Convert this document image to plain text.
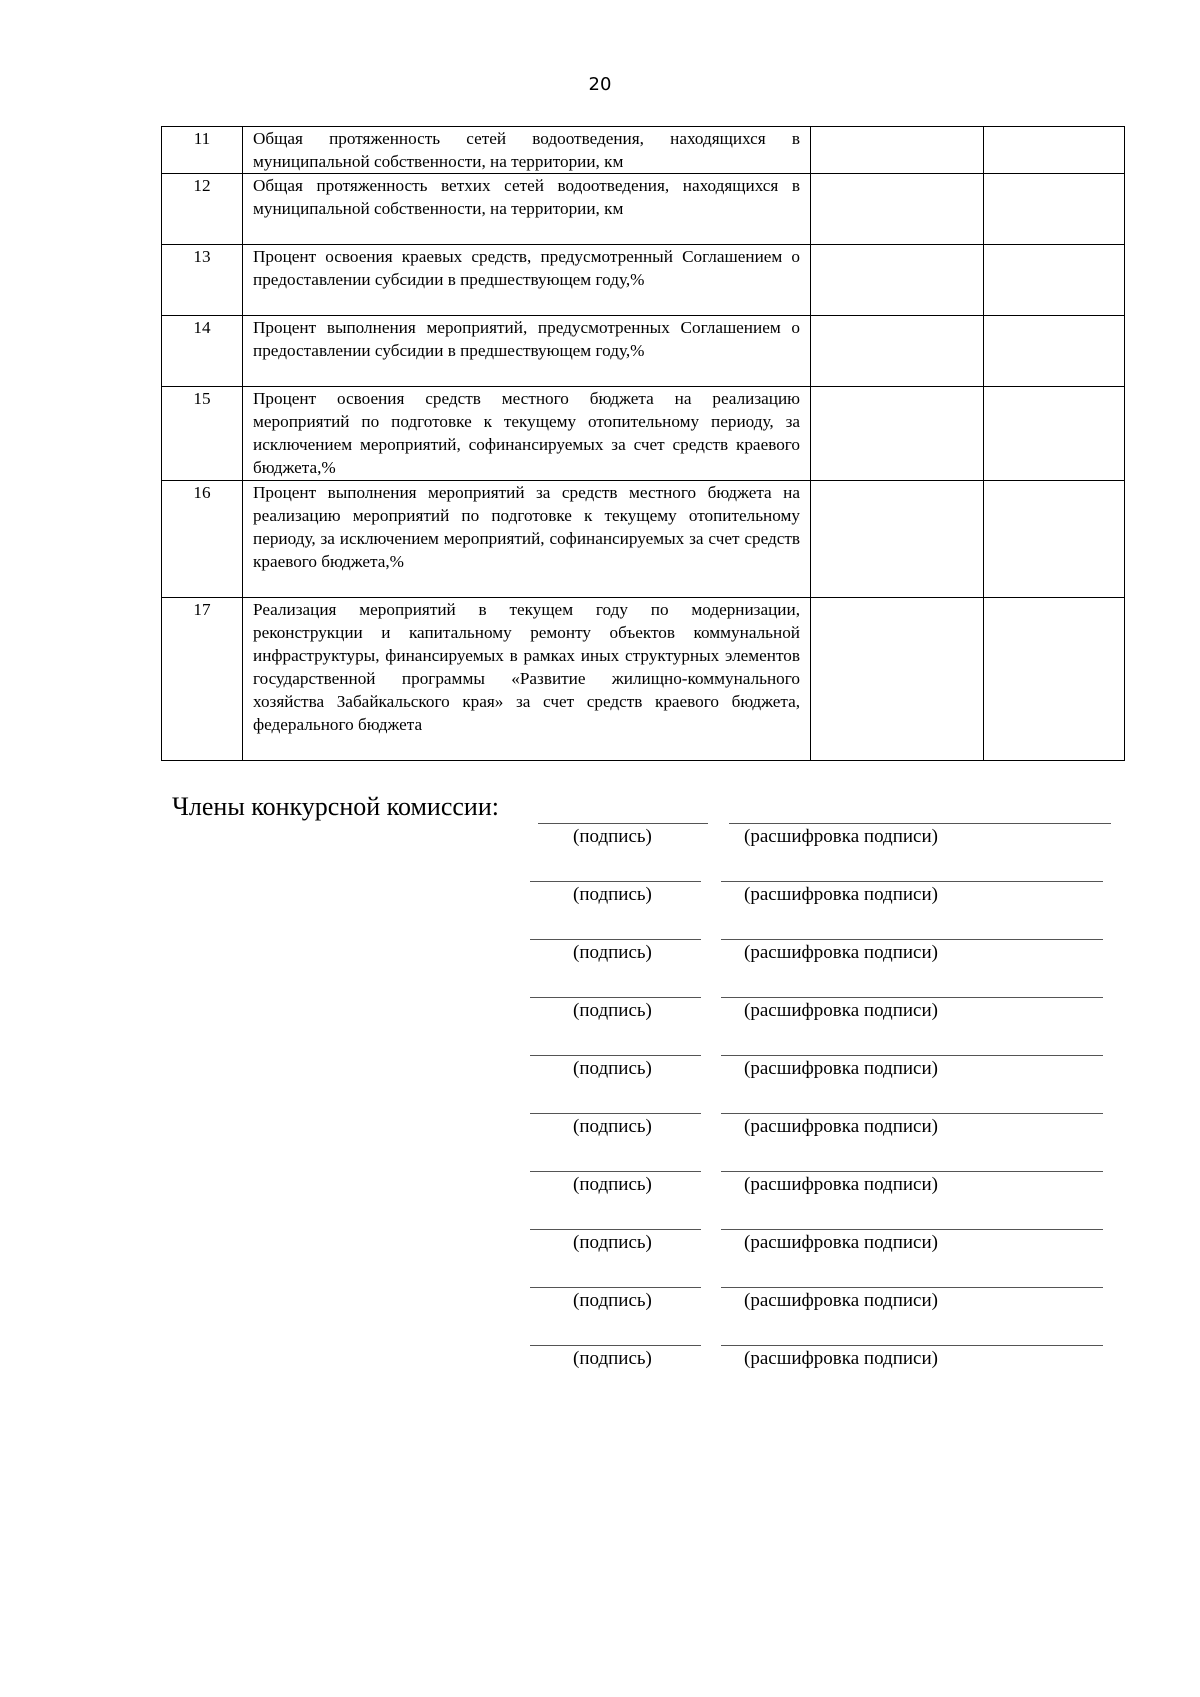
20
11	Общая протяженность сетей водоотведения, находящихся в муниципальной собственности, на территории, км		
12	Общая протяженность ветхих сетей водоотведения, находящихся в муниципальной собственности, на территории, км		
13	Процент освоения краевых средств, предусмотренный Соглашением о предоставлении субсидии в предшествующем году,%		
14	Процент выполнения мероприятий, предусмотренных Соглашением о предоставлении субсидии в предшествующем году,%		
15	Процент освоения средств местного бюджета на реализацию мероприятий по подготовке к текущему отопительному периоду, за исключением мероприятий, софинансируемых за счет средств краевого бюджета,%		
16	Процент выполнения мероприятий за средств местного бюджета на реализацию мероприятий по подготовке к текущему отопительному периоду, за исключением мероприятий, софинансируемых за счет средств краевого бюджета,%		
17	Реализация мероприятий в текущем году по модернизации, реконструкции и капитальному ремонту объектов коммунальной инфраструктуры, финансируемых в рамках иных структурных элементов государственной программы «Развитие жилищно-коммунального хозяйства Забайкальского края» за счет средств краевого бюджета, федерального бюджета		
Члены конкурсной комиссии:
(подпись)	(расшифровка подписи)
(подпись)	(расшифровка подписи)
(подпись)	(расшифровка подписи)
(подпись)	(расшифровка подписи)
(подпись)	(расшифровка подписи)
(подпись)	(расшифровка подписи)
(подпись)	(расшифровка подписи)
(подпись)	(расшифровка подписи)
(подпись)	(расшифровка подписи)
(подпись)	(расшифровка подписи)
